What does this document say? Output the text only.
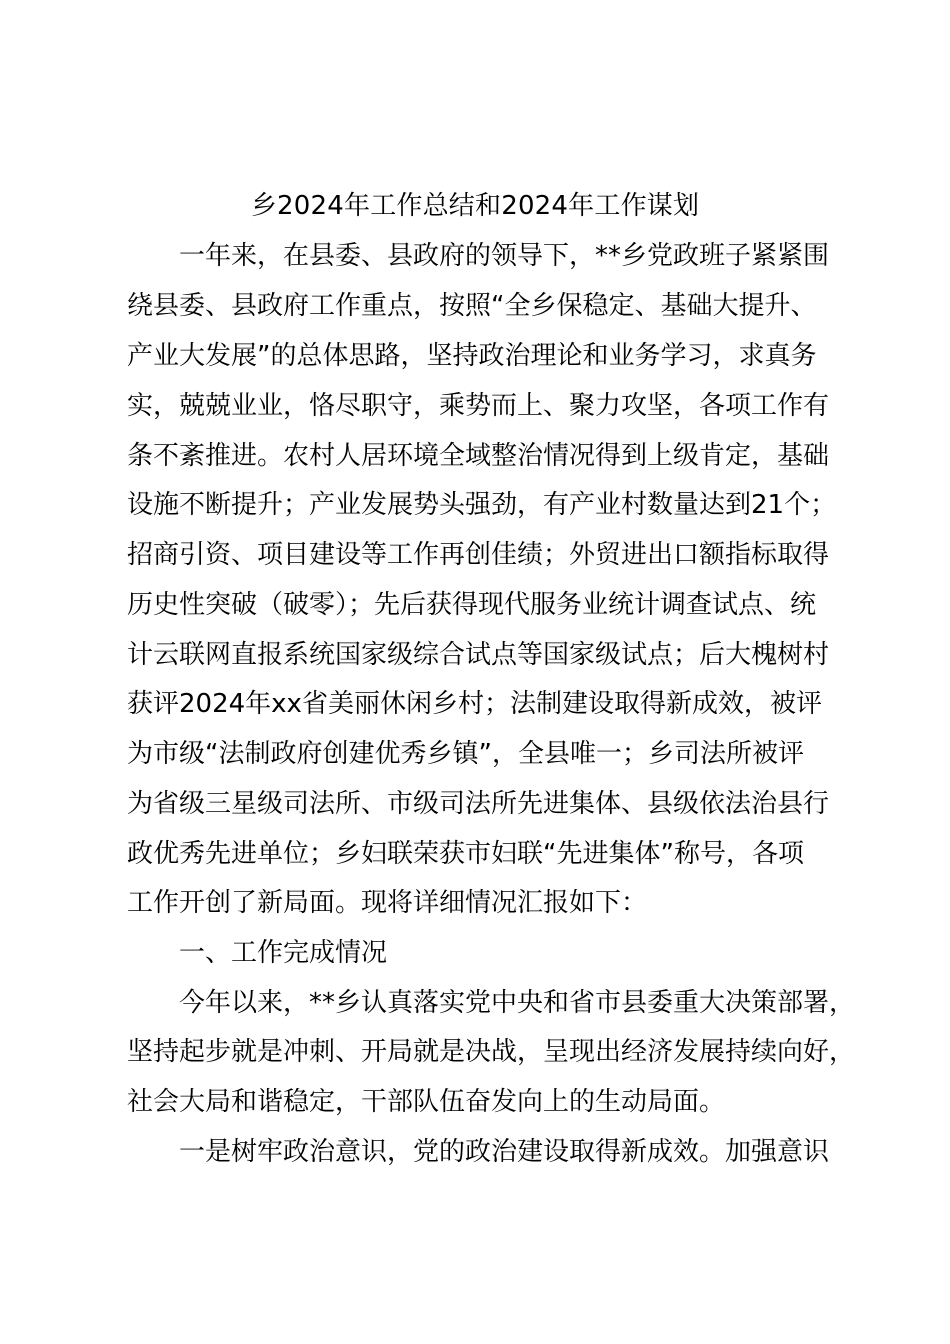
乡2024年工作总结和2024年工作谋划
　　一年来，在县委、县政府的领导下，**乡党政班子紧紧围
绕县委、县政府工作重点，按照“全乡保稳定、基础大提升、
产业大发展”的总体思路，坚持政治理论和业务学习，求真务
实，兢兢业业，恪尽职守，乘势而上、聚力攻坚，各项工作有
条不紊推进。农村人居环境全域整治情况得到上级肯定，基础
设施不断提升；产业发展势头强劲，有产业村数量达到21个；
招商引资、项目建设等工作再创佳绩；外贸进出口额指标取得
历史性突破（破零）；先后获得现代服务业统计调查试点、统
计云联网直报系统国家级综合试点等国家级试点；后大槐树村
获评2024年xx省美丽休闲乡村；法制建设取得新成效，被评
为市级“法制政府创建优秀乡镇”，全县唯一；乡司法所被评
为省级三星级司法所、市级司法所先进集体、县级依法治县行
政优秀先进单位；乡妇联荣获市妇联“先进集体”称号，各项
工作开创了新局面。现将详细情况汇报如下：
　　一、工作完成情况
　　今年以来，**乡认真落实党中央和省市县委重大决策部署，
坚持起步就是冲刺、开局就是决战，呈现出经济发展持续向好，
社会大局和谐稳定，干部队伍奋发向上的生动局面。
　　一是树牢政治意识，党的政治建设取得新成效。加强意识
